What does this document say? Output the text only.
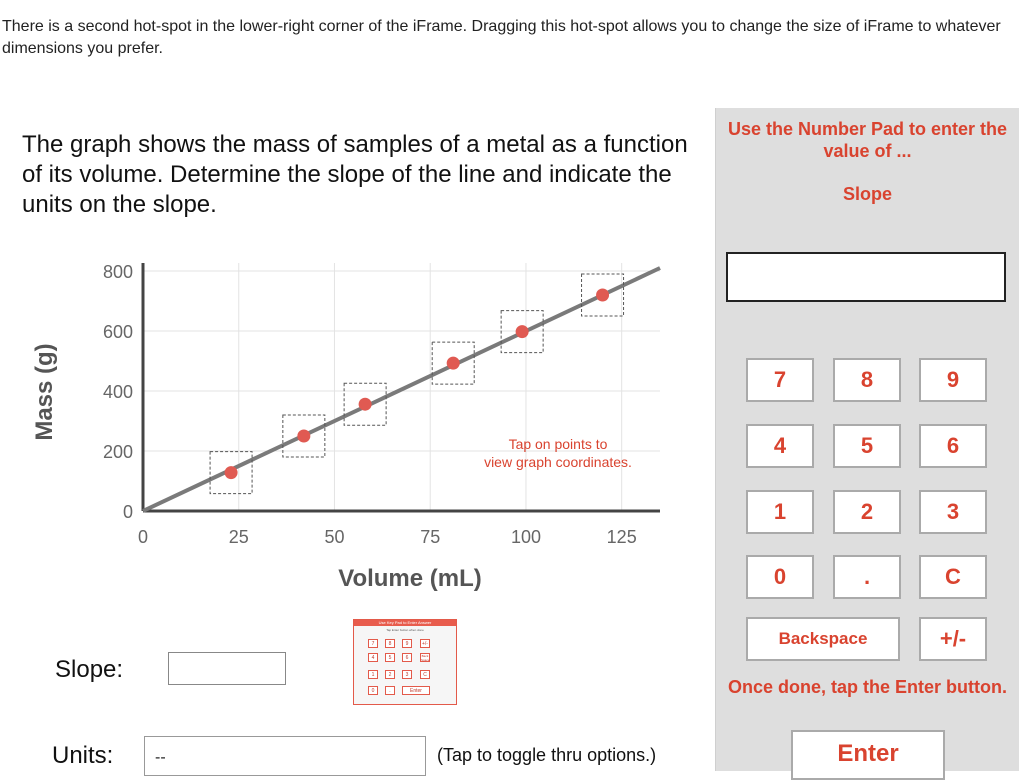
There is a second hot-spot in the lower-right corner of the iFrame. Dragging this hot-spot allows you to change the size of iFrame to whatever dimensions you prefer.
The graph shows the mass of samples of a metal as a function of its volume. Determine the slope of the line and indicate the units on the slope.
0
200
400
600
800
0	25	50	75	100	125
Volume (mL)
Mass (g)
Tap on points to
view graph coordinates.
Use Key Pad to Enter Answer
Tap Enter button when done
7	8	9	+/-
4	5	6	Back Space
1	2	3	C
0	.	Enter
Slope:
Units:	--	(Tap to toggle thru options.)
Use the Number Pad to enter the value of ...
Slope
7	8	9
4	5	6
1	2	3
0	.	C
Backspace	+/-
Once done, tap the Enter button.
Enter
